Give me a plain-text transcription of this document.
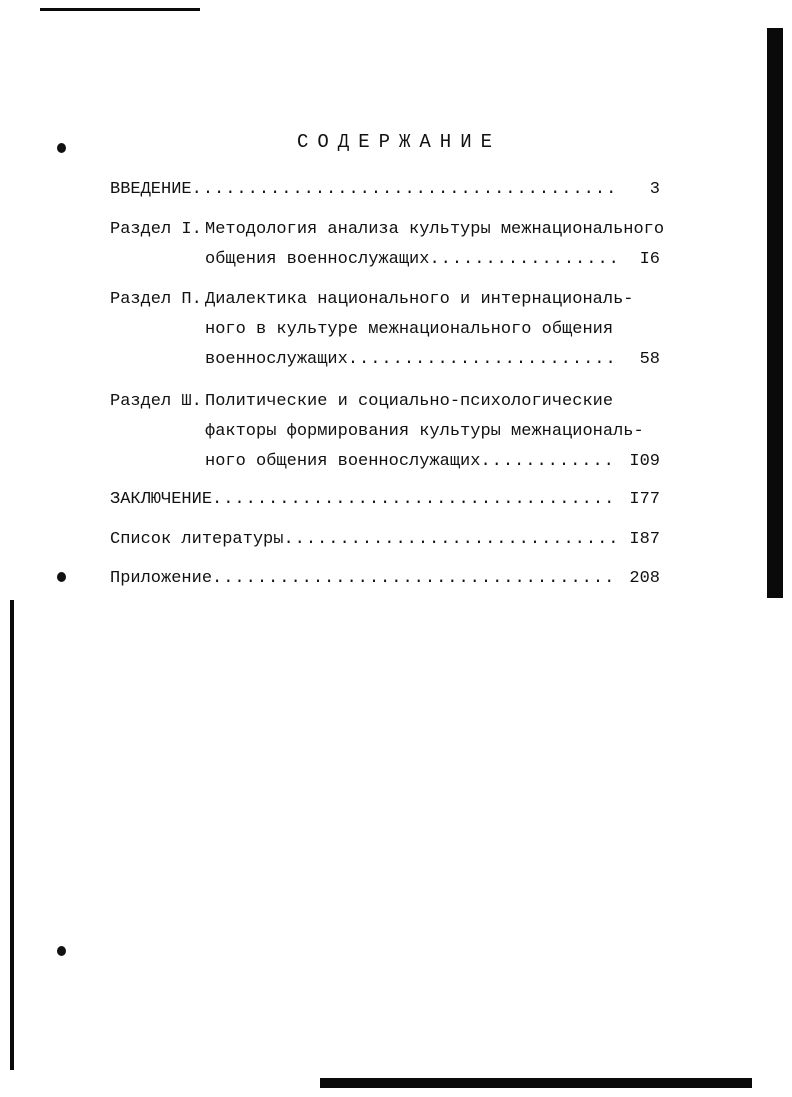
СОДЕРЖАНИЕ
ВВЕДЕНИЕ .....	3
Раздел I. Методология анализа культуры межнационального
общения военнослужащих .....	I6
Раздел П. Диалектика национального и интернациональ-
ного в культуре межнационального общения
военнослужащих .....	58
Раздел Ш. Политические и социально-психологические
факторы формирования культуры межнациональ-
ного общения военнослужащих .....	I09
ЗАКЛЮЧЕНИЕ .....	I77
Список литературы .....	I87
Приложение .....	208
